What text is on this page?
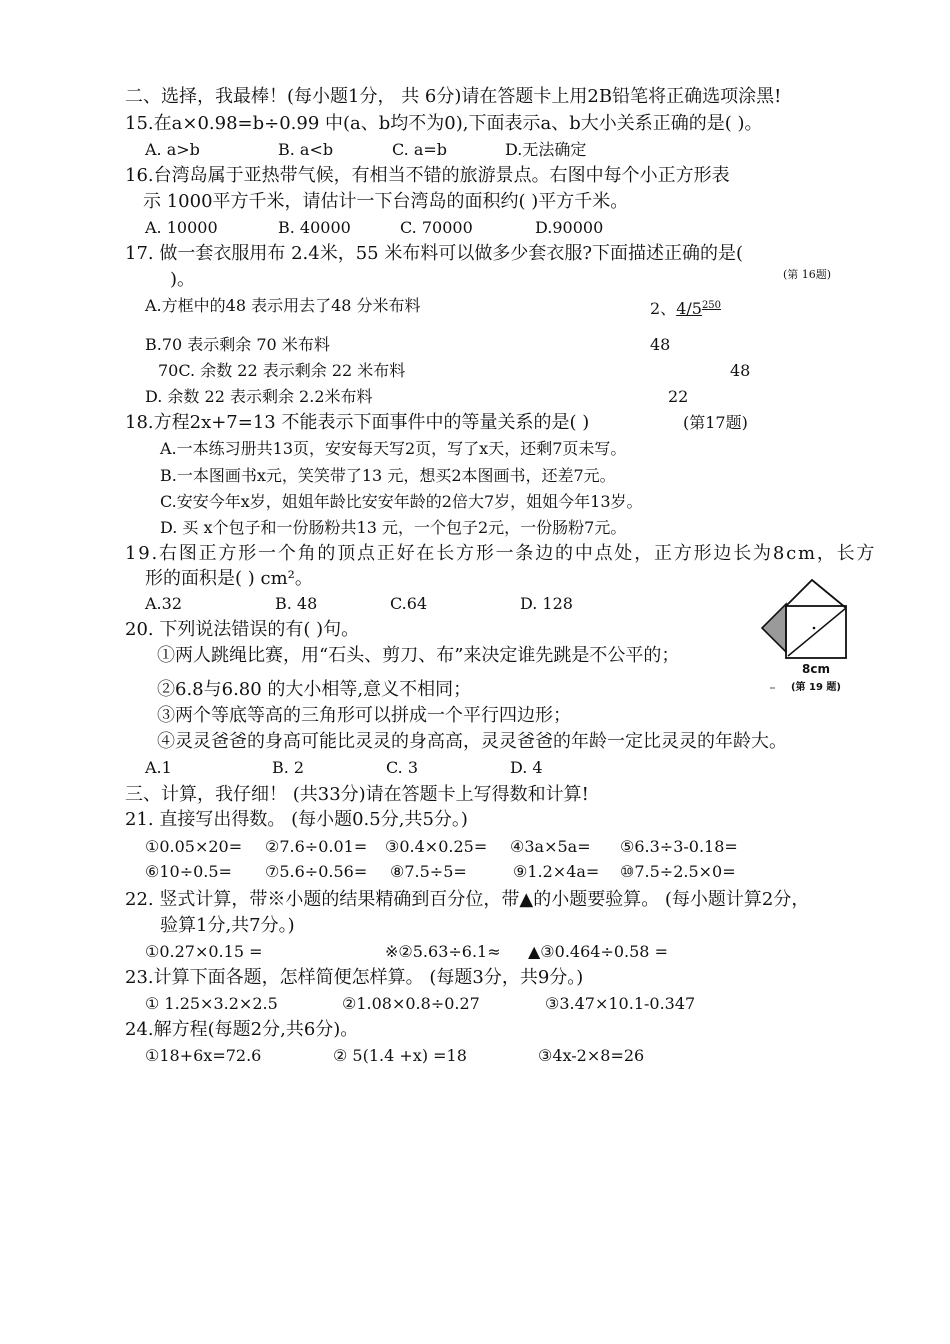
二、选择，我最棒！(每小题1分， 共 6分)请在答题卡上用2B铅笔将正确选项涂黑!
15.在a×0.98=b÷0.99 中(a、b均不为0),下面表示a、b大小关系正确的是( )。
A. a>b	B. a<b	C. a=b	D.无法确定
16.台湾岛属于亚热带气候，有相当不错的旅游景点。右图中每个小正方形表
示 1000平方千米，请估计一下台湾岛的面积约( )平方千米。
A. 10000	B. 40000	C. 70000	D.90000
(第 16题)
17. 做一套衣服用布 2.4米，55 米布料可以做多少套衣服?下面描述正确的是(
)。
A.方框中的48 表示用去了48 分米布料
B.70 表示剩余 70 米布料
70C. 余数 22 表示剩余 22 米布料
D. 余数 22 表示剩余 2.2米布料
2、$4/5^{250}$
48
48
22
(第17题)
18.方程2x+7=13 不能表示下面事件中的等量关系的是( )
A.一本练习册共13页，安安每天写2页，写了x天，还剩7页未写。
B.一本图画书x元，笑笑带了13 元，想买2本图画书，还差7元。
C.安安今年x岁，姐姐年龄比安安年龄的2倍大7岁，姐姐今年13岁。
D. 买 x个包子和一份肠粉共13 元，一个包子2元，一份肠粉7元。
19.右图正方形一个角的顶点正好在长方形一条边的中点处，正方形边长为8cm，长方
形的面积是( ) cm²。
A.32	B. 48	C.64	D. 128
8cm
(第 19 题)
20. 下列说法错误的有( )句。
①两人跳绳比赛，用“石头、剪刀、布”来决定谁先跳是不公平的；
②6.8与6.80 的大小相等,意义不相同；
③两个等底等高的三角形可以拼成一个平行四边形；
④灵灵爸爸的身高可能比灵灵的身高高，灵灵爸爸的年龄一定比灵灵的年龄大。
A.1	B. 2	C. 3	D. 4
三、计算，我仔细！ (共33分)请在答题卡上写得数和计算!
21. 直接写出得数。 (每小题0.5分,共5分。)
①0.05×20= ②7.6÷0.01= ③0.4×0.25= ④3a×5a= ⑤6.3÷3-0.18=
⑥10÷0.5= ⑦5.6÷0.56= ⑧7.5÷5=	⑨1.2×4a= ⑩7.5÷2.5×0=
22. 竖式计算，带※小题的结果精确到百分位，带▲的小题要验算。 (每小题计算2分，
验算1分,共7分。)
①0.27×0.15 =	※②5.63÷6.1≈ ▲③0.464÷0.58 =
23.计算下面各题，怎样简便怎样算。 (每题3分，共9分。)
① 1.25×3.2×2.5	②1.08×0.8÷0.27	③3.47×10.1-0.347
24.解方程(每题2分,共6分)。
①18+6x=72.6	② 5(1.4 +x) =18	③4x-2×8=26
